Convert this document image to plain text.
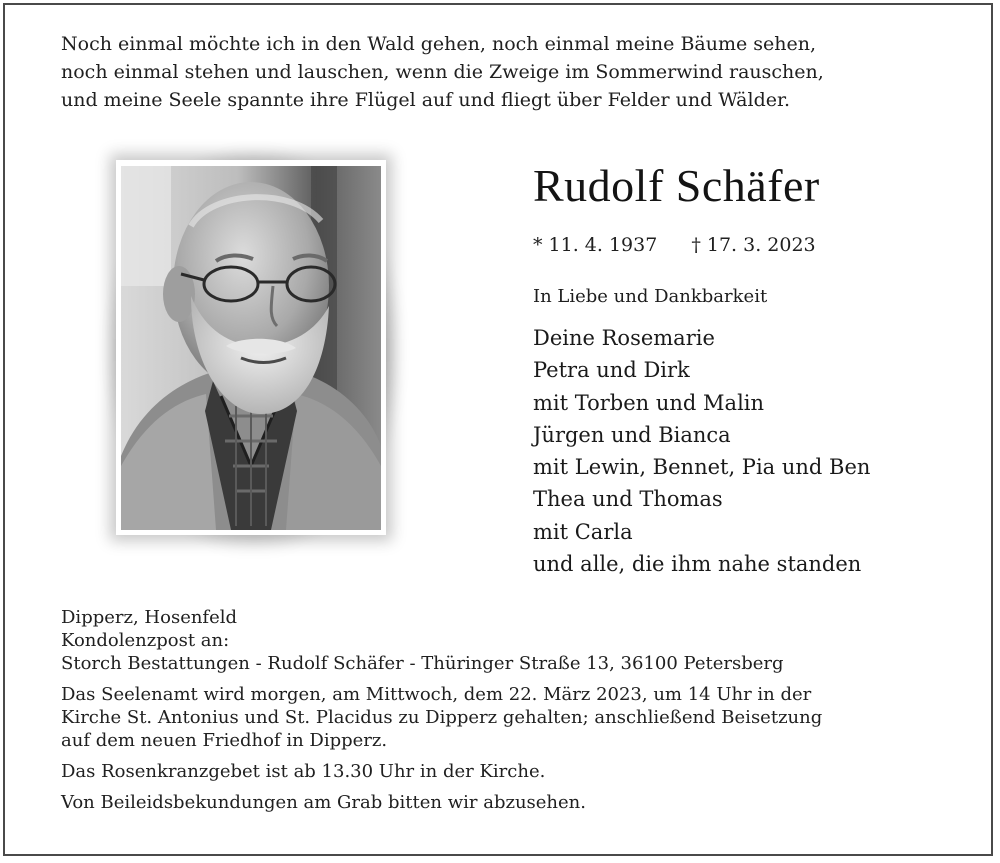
Noch einmal möchte ich in den Wald gehen, noch einmal meine Bäume sehen,
noch einmal stehen und lauschen, wenn die Zweige im Sommerwind rauschen,
und meine Seele spannte ihre Flügel auf und fliegt über Felder und Wälder.
Rudolf Schäfer
* 11. 4. 1937 † 17. 3. 2023
In Liebe und Dankbarkeit
Deine Rosemarie
Petra und Dirk
mit Torben und Malin
Jürgen und Bianca
mit Lewin, Bennet, Pia und Ben
Thea und Thomas
mit Carla
und alle, die ihm nahe standen
Dipperz, Hosenfeld
Kondolenzpost an:
Storch Bestattungen - Rudolf Schäfer - Thüringer Straße 13, 36100 Petersberg
Das Seelenamt wird morgen, am Mittwoch, dem 22. März 2023, um 14 Uhr in der
Kirche St. Antonius und St. Placidus zu Dipperz gehalten; anschließend Beisetzung
auf dem neuen Friedhof in Dipperz.
Das Rosenkranzgebet ist ab 13.30 Uhr in der Kirche.
Von Beileidsbekundungen am Grab bitten wir abzusehen.
